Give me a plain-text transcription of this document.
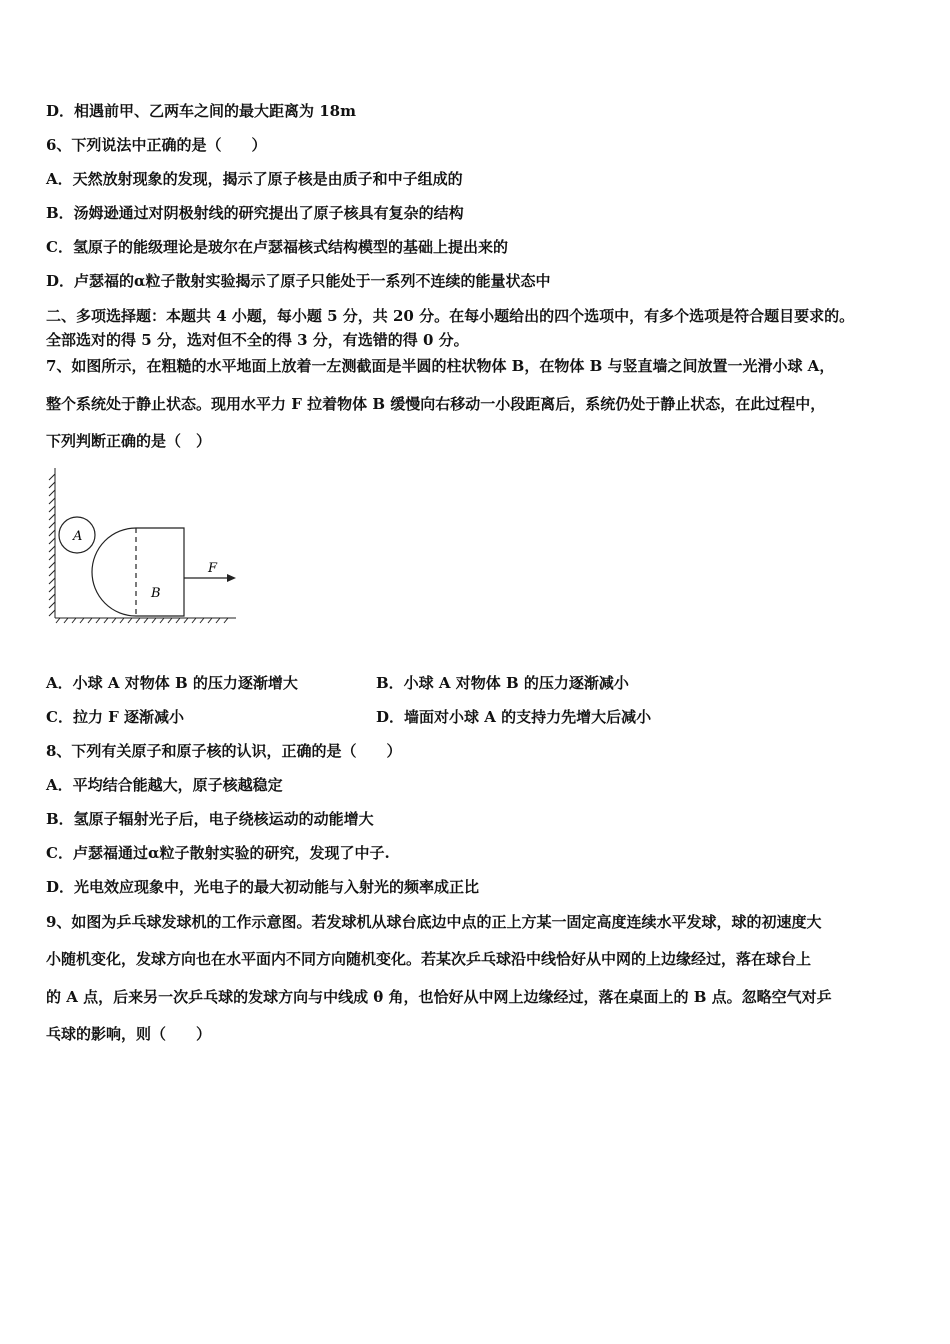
D．相遇前甲、乙两车之间的最大距离为 18m
6、下列说法中正确的是（　　）
A．天然放射现象的发现，揭示了原子核是由质子和中子组成的
B．汤姆逊通过对阴极射线的研究提出了原子核具有复杂的结构
C．氢原子的能级理论是玻尔在卢瑟福核式结构模型的基础上提出来的
D．卢瑟福的α粒子散射实验揭示了原子只能处于一系列不连续的能量状态中
二、多项选择题：本题共 4 小题，每小题 5 分，共 20 分。在每小题给出的四个选项中，有多个选项是符合题目要求的。
全部选对的得 5 分，选对但不全的得 3 分，有选错的得 0 分。
7、如图所示，在粗糙的水平地面上放着一左测截面是半圆的柱状物体 B，在物体 B 与竖直墙之间放置一光滑小球 A，
整个系统处于静止状态。现用水平力 F 拉着物体 B 缓慢向右移动一小段距离后，系统仍处于静止状态，在此过程中，
下列判断正确的是（　）
A
B
F
A．小球 A 对物体 B 的压力逐渐增大	B．小球 A 对物体 B 的压力逐渐减小
C．拉力 F 逐渐减小	D．墙面对小球 A 的支持力先增大后减小
8、下列有关原子和原子核的认识，正确的是（　　）
A．平均结合能越大，原子核越稳定
B．氢原子辐射光子后，电子绕核运动的动能增大
C．卢瑟福通过α粒子散射实验的研究，发现了中子.
D．光电效应现象中，光电子的最大初动能与入射光的频率成正比
9、如图为乒乓球发球机的工作示意图。若发球机从球台底边中点的正上方某一固定高度连续水平发球，球的初速度大
小随机变化，发球方向也在水平面内不同方向随机变化。若某次乒乓球沿中线恰好从中网的上边缘经过，落在球台上
的 A 点，后来另一次乒乓球的发球方向与中线成 θ 角，也恰好从中网上边缘经过，落在桌面上的 B 点。忽略空气对乒
乓球的影响，则（　　）
